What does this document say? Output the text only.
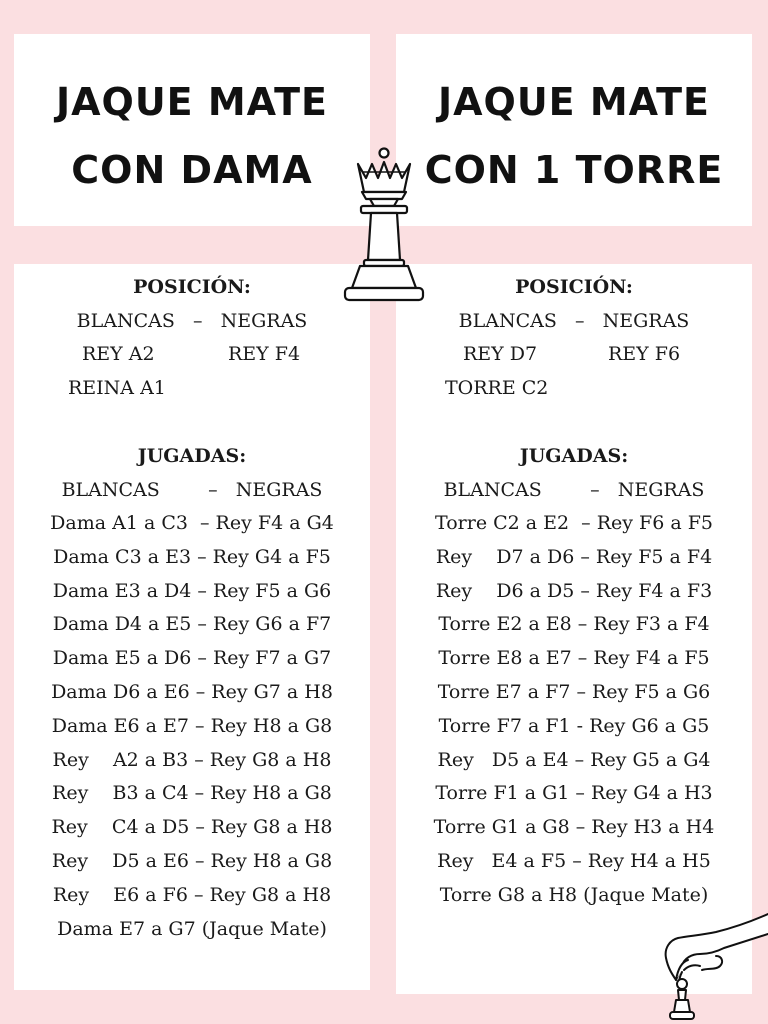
JAQUE MATE
CON DAMA
JAQUE MATE
CON 1 TORRE
POSICIÓN:
BLANCAS   –   NEGRAS
REY A2	REY F4
REINA A1
JUGADAS:
BLANCAS        –   NEGRAS
Dama A1 a C3  – Rey F4 a G4
Dama C3 a E3 – Rey G4 a F5
Dama E3 a D4 – Rey F5 a G6
Dama D4 a E5 – Rey G6 a F7
Dama E5 a D6 – Rey F7 a G7
Dama D6 a E6 – Rey G7 a H8
Dama E6 a E7 – Rey H8 a G8
Rey    A2 a B3 – Rey G8 a H8
Rey    B3 a C4 – Rey H8 a G8
Rey    C4 a D5 – Rey G8 a H8
Rey    D5 a E6 – Rey H8 a G8
Rey    E6 a F6 – Rey G8 a H8
Dama E7 a G7 (Jaque Mate)
POSICIÓN:
BLANCAS   –   NEGRAS
REY D7	REY F6
TORRE C2
JUGADAS:
BLANCAS        –   NEGRAS
Torre C2 a E2  – Rey F6 a F5
Rey    D7 a D6 – Rey F5 a F4
Rey    D6 a D5 – Rey F4 a F3
Torre E2 a E8 – Rey F3 a F4
Torre E8 a E7 – Rey F4 a F5
Torre E7 a F7 – Rey F5 a G6
Torre F7 a F1 - Rey G6 a G5
Rey   D5 a E4 – Rey G5 a G4
Torre F1 a G1 – Rey G4 a H3
Torre G1 a G8 – Rey H3 a H4
Rey   E4 a F5 – Rey H4 a H5
Torre G8 a H8 (Jaque Mate)
